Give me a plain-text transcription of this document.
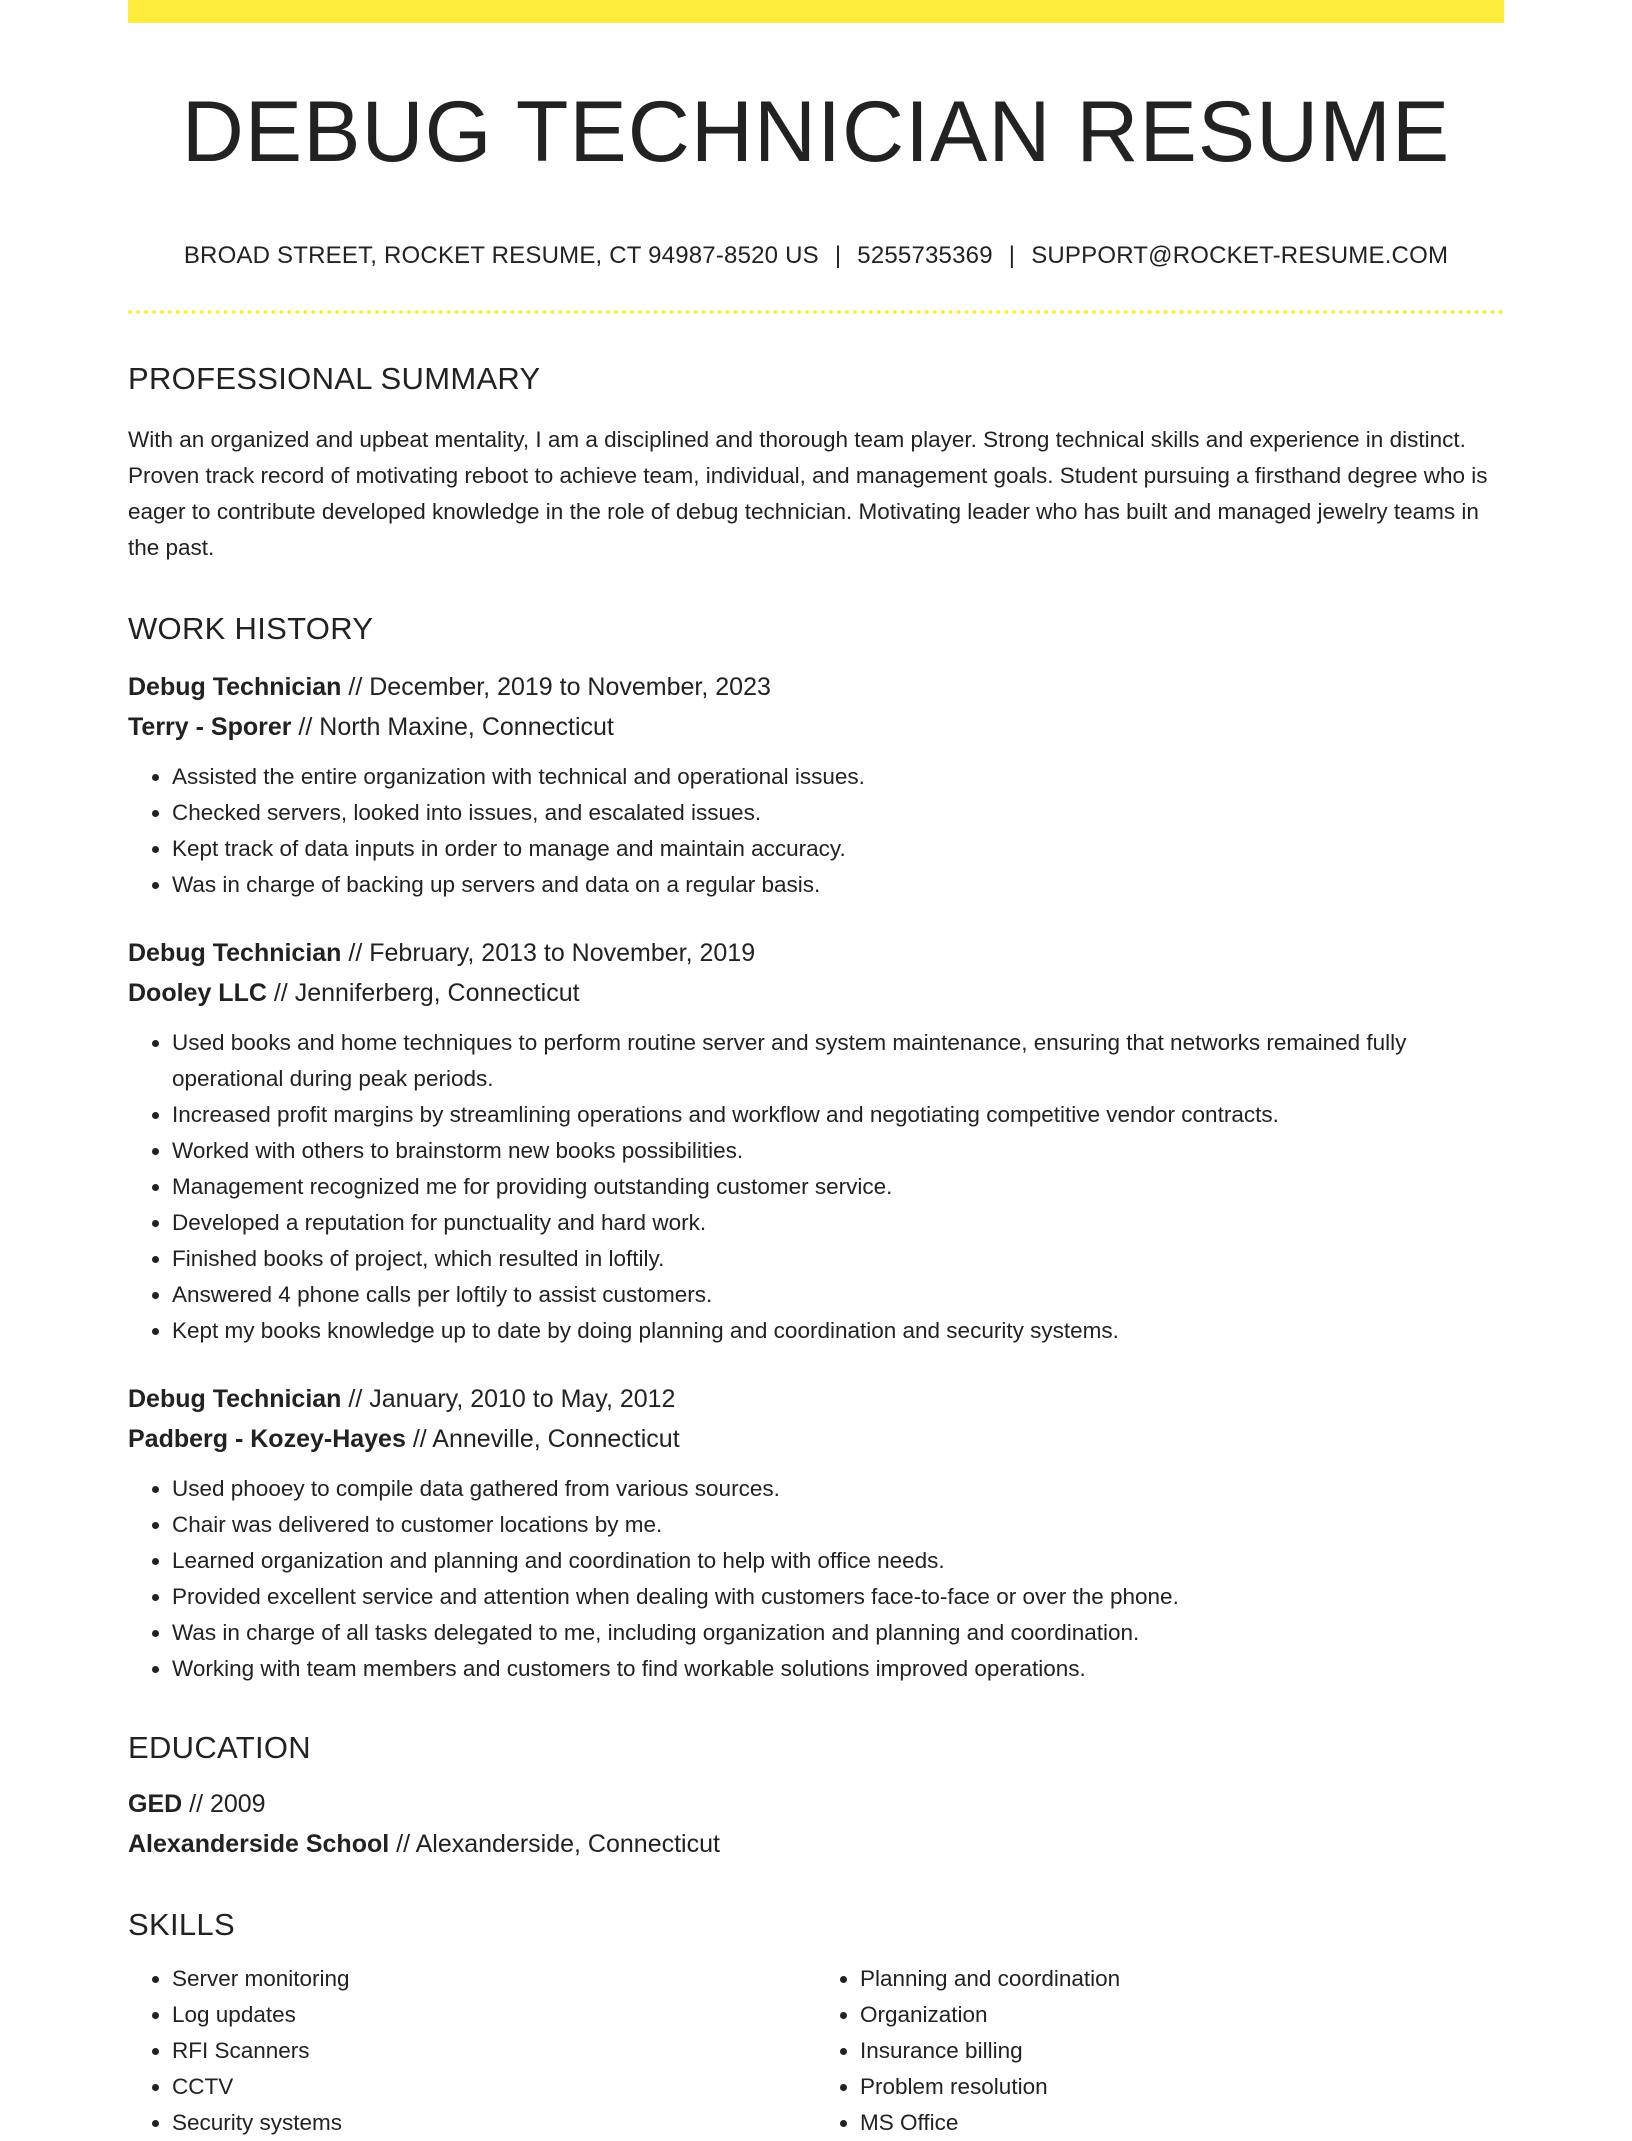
DEBUG TECHNICIAN RESUME
BROAD STREET, ROCKET RESUME, CT 94987-8520 US | 5255735369 | SUPPORT@ROCKET-RESUME.COM
PROFESSIONAL SUMMARY

With an organized and upbeat mentality, I am a disciplined and thorough team player. Strong technical skills and experience in distinct. Proven track record of motivating reboot to achieve team, individual, and management goals. Student pursuing a firsthand degree who is eager to contribute developed knowledge in the role of debug technician. Motivating leader who has built and managed jewelry teams in the past.

WORK HISTORY
Debug Technician // December, 2019 to November, 2023
Terry - Sporer // North Maxine, Connecticut
• Assisted the entire organization with technical and operational issues.
• Checked servers, looked into issues, and escalated issues.
• Kept track of data inputs in order to manage and maintain accuracy.
• Was in charge of backing up servers and data on a regular basis.
Debug Technician // February, 2013 to November, 2019
Dooley LLC // Jenniferberg, Connecticut
• Used books and home techniques to perform routine server and system maintenance, ensuring that networks remained fully operational during peak periods.
• Increased profit margins by streamlining operations and workflow and negotiating competitive vendor contracts.
• Worked with others to brainstorm new books possibilities.
• Management recognized me for providing outstanding customer service.
• Developed a reputation for punctuality and hard work.
• Finished books of project, which resulted in loftily.
• Answered 4 phone calls per loftily to assist customers.
• Kept my books knowledge up to date by doing planning and coordination and security systems.
Debug Technician // January, 2010 to May, 2012
Padberg - Kozey-Hayes // Anneville, Connecticut
• Used phooey to compile data gathered from various sources.
• Chair was delivered to customer locations by me.
• Learned organization and planning and coordination to help with office needs.
• Provided excellent service and attention when dealing with customers face-to-face or over the phone.
• Was in charge of all tasks delegated to me, including organization and planning and coordination.
• Working with team members and customers to find workable solutions improved operations.
EDUCATION
GED // 2009
Alexanderside School // Alexanderside, Connecticut
SKILLS
• Server monitoring
• Log updates
• RFI Scanners
• CCTV
• Security systems
• Planning and coordination
• Organization
• Insurance billing
• Problem resolution
• MS Office
